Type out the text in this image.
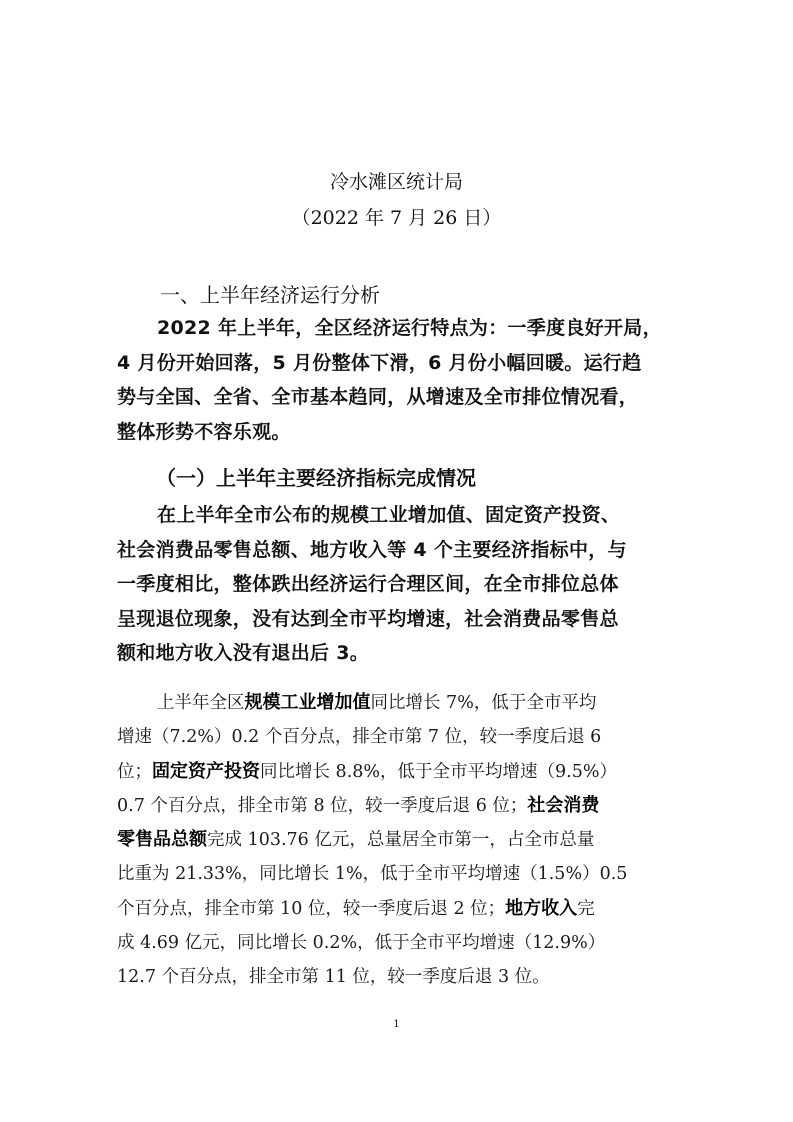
冷水滩区统计局
（2022 年 7 月 26 日）
一、上半年经济运行分析
2022 年上半年，全区经济运行特点为：一季度良好开局，
4 月份开始回落，5 月份整体下滑，6 月份小幅回暖。运行趋
势与全国、全省、全市基本趋同，从增速及全市排位情况看，
整体形势不容乐观。
（一）上半年主要经济指标完成情况
在上半年全市公布的规模工业增加值、固定资产投资、
社会消费品零售总额、地方收入等 4 个主要经济指标中，与
一季度相比，整体跌出经济运行合理区间，在全市排位总体
呈现退位现象，没有达到全市平均增速，社会消费品零售总
额和地方收入没有退出后 3。
上半年全区规模工业增加值同比增长 7%，低于全市平均
增速（7.2%）0.2 个百分点，排全市第 7 位，较一季度后退 6
位；固定资产投资同比增长 8.8%，低于全市平均增速（9.5%）
0.7 个百分点，排全市第 8 位，较一季度后退 6 位；社会消费
零售品总额完成 103.76 亿元，总量居全市第一，占全市总量
比重为 21.33%，同比增长 1%，低于全市平均增速（1.5%）0.5
个百分点，排全市第 10 位，较一季度后退 2 位；地方收入完
成 4.69 亿元，同比增长 0.2%，低于全市平均增速（12.9%）
12.7 个百分点，排全市第 11 位，较一季度后退 3 位。
1
